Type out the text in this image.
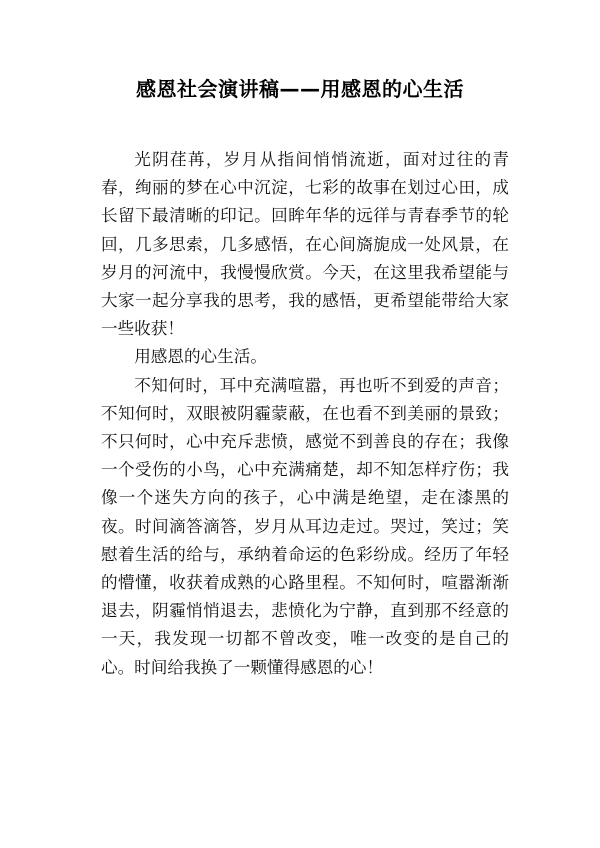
感恩社会演讲稿——用感恩的心生活

光阴荏苒，岁月从指间悄悄流逝，面对过往的青春，绚丽的梦在心中沉淀，七彩的故事在划过心田，成长留下最清晰的印记。回眸年华的远徉与青春季节的轮回，几多思索，几多感悟，在心间旖旎成一处风景，在岁月的河流中，我慢慢欣赏。今天，在这里我希望能与大家一起分享我的思考，我的感悟，更希望能带给大家一些收获！

用感恩的心生活。

不知何时，耳中充满喧嚣，再也听不到爱的声音；不知何时，双眼被阴霾蒙蔽，在也看不到美丽的景致；不只何时，心中充斥悲愤，感觉不到善良的存在；我像一个受伤的小鸟，心中充满痛楚，却不知怎样疗伤；我像一个迷失方向的孩子，心中满是绝望，走在漆黑的夜。时间滴答滴答，岁月从耳边走过。哭过，笑过；笑慰着生活的给与，承纳着命运的色彩纷成。经历了年轻的懵懂，收获着成熟的心路里程。不知何时，喧嚣渐渐退去，阴霾悄悄退去，悲愤化为宁静，直到那不经意的一天，我发现一切都不曾改变，唯一改变的是自己的心。时间给我换了一颗懂得感恩的心！
